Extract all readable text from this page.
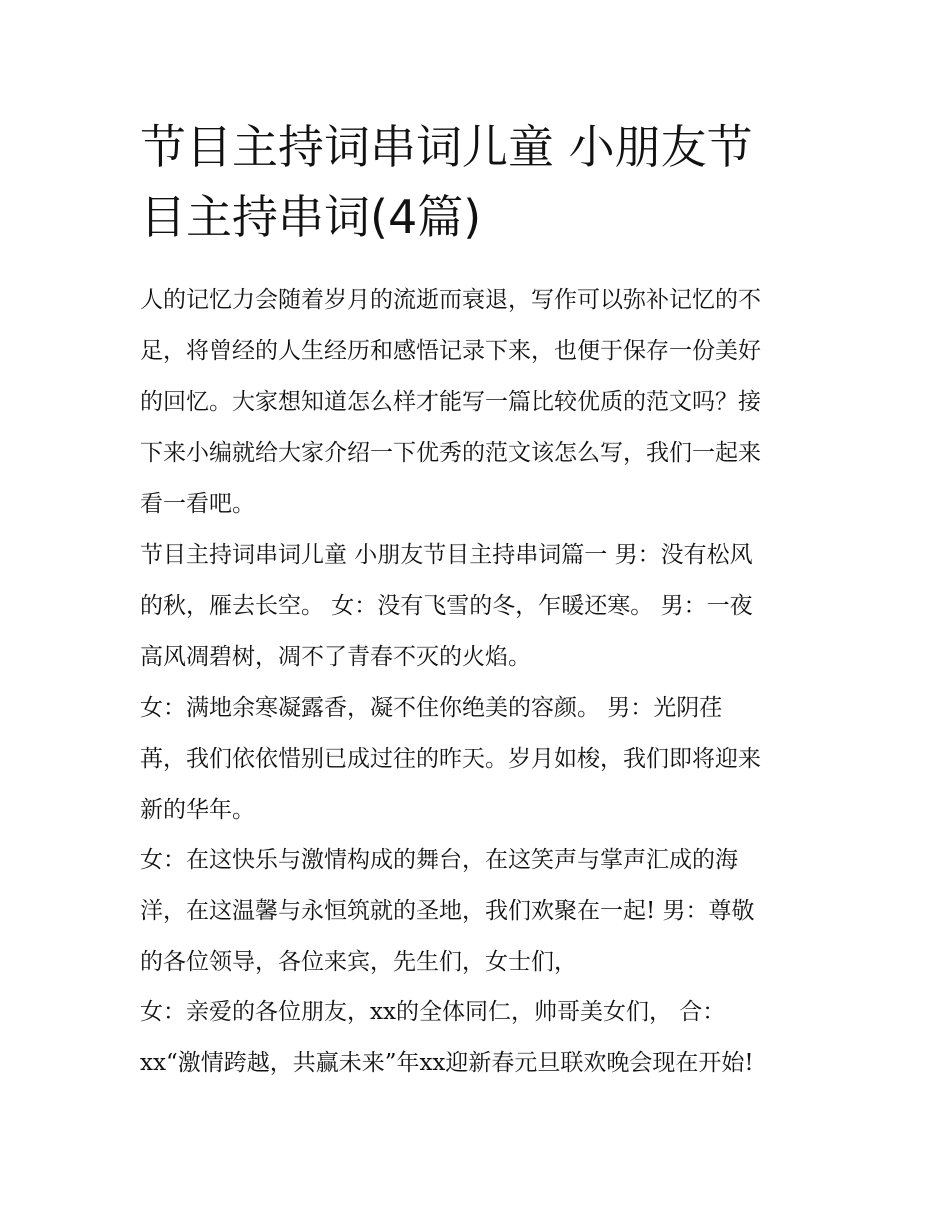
节目主持词串词儿童 小朋友节
目主持串词(4篇)
人的记忆力会随着岁月的流逝而衰退，写作可以弥补记忆的不
足，将曾经的人生经历和感悟记录下来，也便于保存一份美好
的回忆。大家想知道怎么样才能写一篇比较优质的范文吗？接
下来小编就给大家介绍一下优秀的范文该怎么写，我们一起来
看一看吧。
节目主持词串词儿童 小朋友节目主持串词篇一 男：没有松风
的秋，雁去长空。 女：没有飞雪的冬，乍暖还寒。 男：一夜
高风凋碧树，凋不了青春不灭的火焰。
女：满地余寒凝露香，凝不住你绝美的容颜。 男：光阴荏
苒，我们依依惜别已成过往的昨天。岁月如梭，我们即将迎来
新的华年。
女：在这快乐与激情构成的舞台，在这笑声与掌声汇成的海
洋，在这温馨与永恒筑就的圣地，我们欢聚在一起! 男：尊敬
的各位领导，各位来宾，先生们，女士们，
女：亲爱的各位朋友，xx的全体同仁，帅哥美女们， 合：
xx“激情跨越，共赢未来”年xx迎新春元旦联欢晚会现在开始!
